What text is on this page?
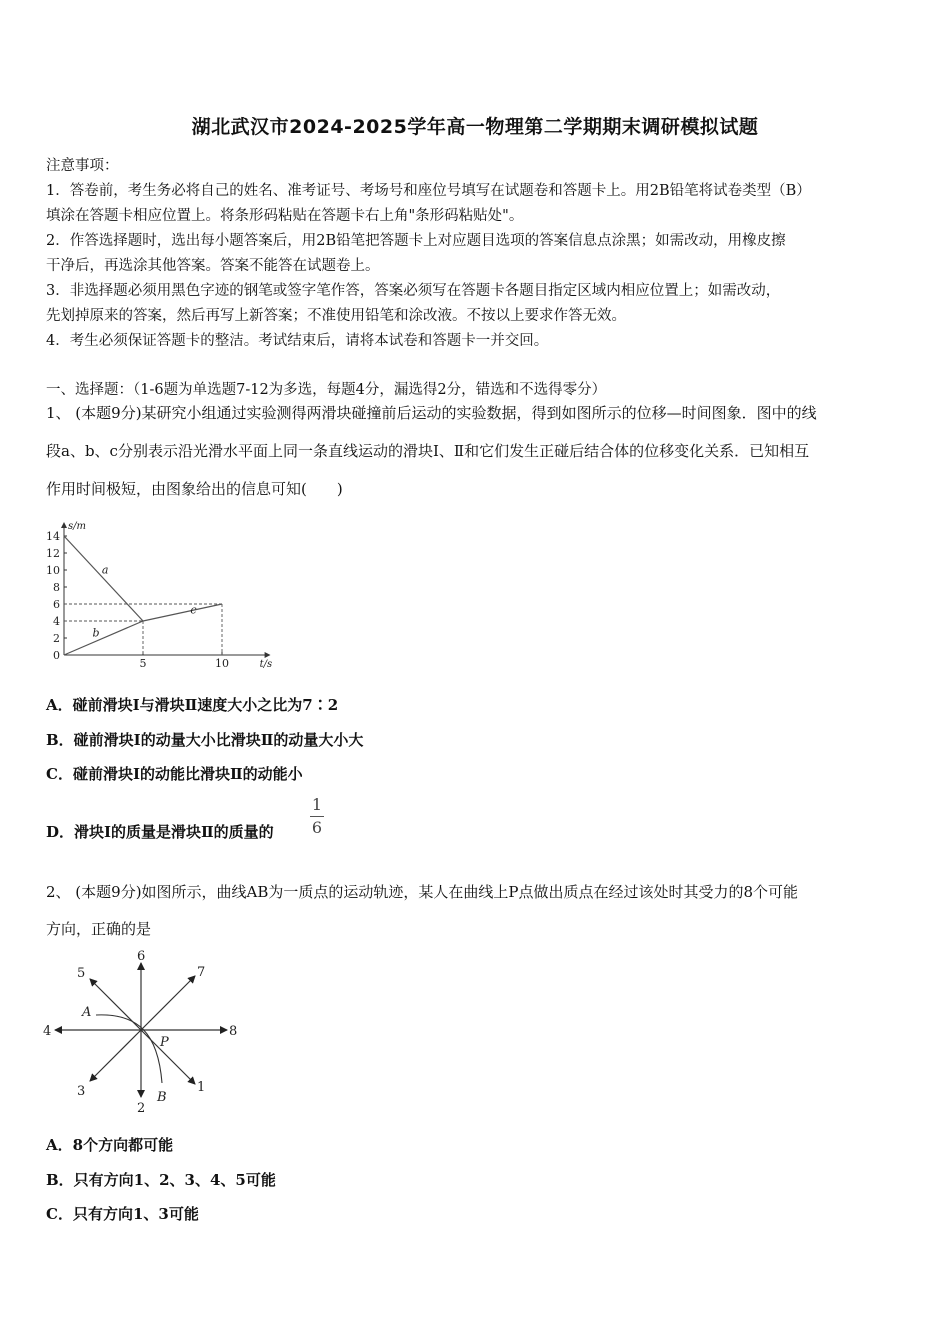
湖北武汉市2024-2025学年高一物理第二学期期末调研模拟试题
注意事项：
1．答卷前，考生务必将自己的姓名、准考证号、考场号和座位号填写在试题卷和答题卡上。用2B铅笔将试卷类型（B）
填涂在答题卡相应位置上。将条形码粘贴在答题卡右上角"条形码粘贴处"。
2．作答选择题时，选出每小题答案后，用2B铅笔把答题卡上对应题目选项的答案信息点涂黑；如需改动，用橡皮擦
干净后，再选涂其他答案。答案不能答在试题卷上。
3．非选择题必须用黑色字迹的钢笔或签字笔作答，答案必须写在答题卡各题目指定区域内相应位置上；如需改动，
先划掉原来的答案，然后再写上新答案；不准使用铅笔和涂改液。不按以上要求作答无效。
4．考生必须保证答题卡的整洁。考试结束后，请将本试卷和答题卡一并交回。
一、选择题：（1-6题为单选题7-12为多选，每题4分，漏选得2分，错选和不选得零分）
1、 (本题9分)某研究小组通过实验测得两滑块碰撞前后运动的实验数据，得到如图所示的位移—时间图象．图中的线
段a、b、c分别表示沿光滑水平面上同一条直线运动的滑块Ⅰ、Ⅱ和它们发生正碰后结合体的位移变化关系．已知相互
作用时间极短，由图象给出的信息可知(　　)
t/s
s/m
0
2
4
6
8
10
12
14
5	10
a
b
c
A．碰前滑块Ⅰ与滑块Ⅱ速度大小之比为7∶2
B．碰前滑块Ⅰ的动量大小比滑块Ⅱ的动量大小大
C．碰前滑块Ⅰ的动能比滑块Ⅱ的动能小
D．滑块Ⅰ的质量是滑块Ⅱ的质量的
1
6
2、 (本题9分)如图所示，曲线AB为一质点的运动轨迹，某人在曲线上P点做出质点在经过该处时其受力的8个可能
方向，正确的是
6
2
4	8
5	7
3	1
A
P
B
A．8个方向都可能
B．只有方向1、2、3、4、5可能
C．只有方向1、3可能
